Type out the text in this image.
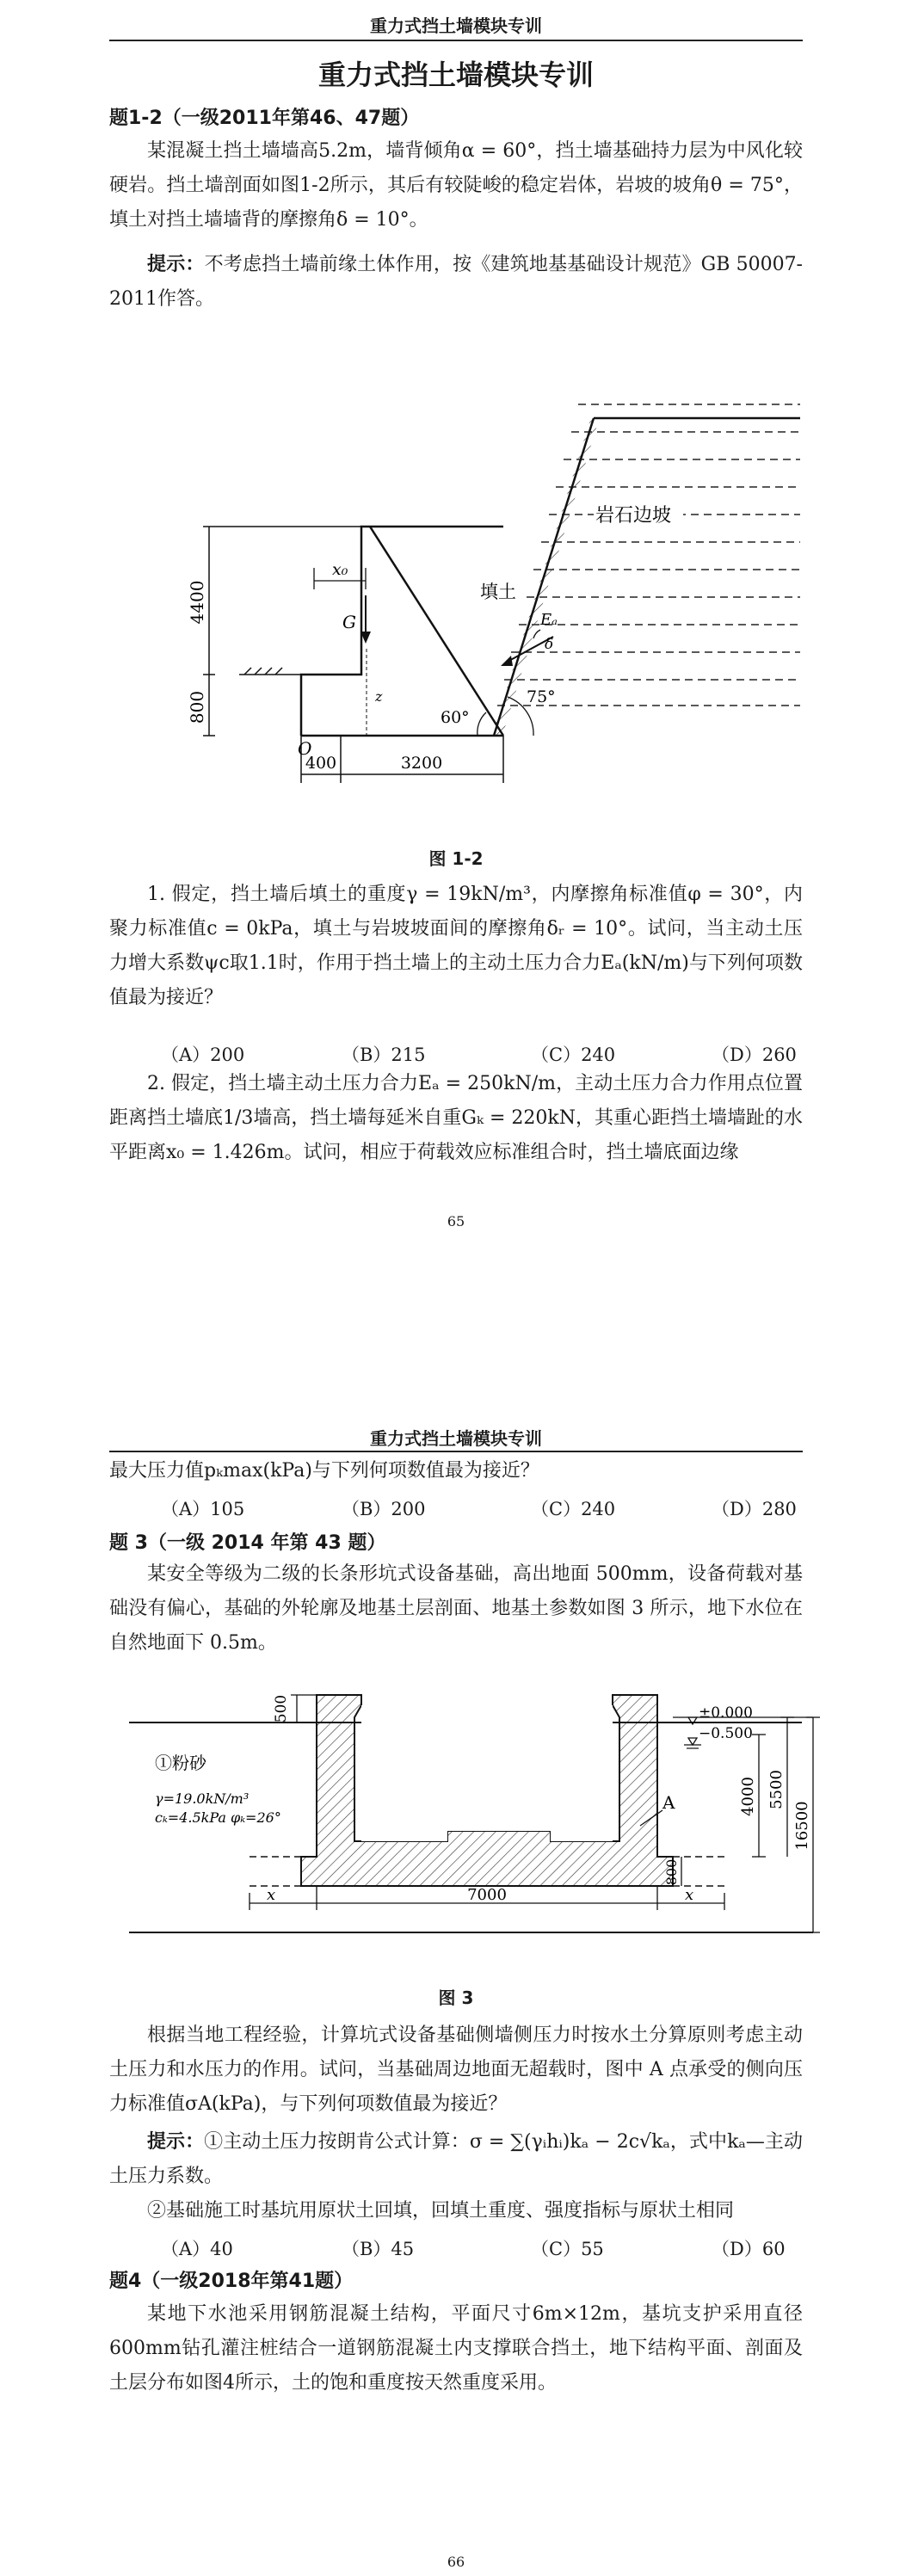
重力式挡土墙模块专训
重力式挡土墙模块专训
题1-2（一级2011年第46、47题）
某混凝土挡土墙墙高5.2m，墙背倾角α = 60°，挡土墙基础持力层为中风化较硬岩。挡土墙剖面如图1-2所示，其后有较陡峻的稳定岩体，岩坡的坡角θ = 75°，填土对挡土墙墙背的摩擦角δ = 10°。
提示：不考虑挡土墙前缘土体作用，按《建筑地基基础设计规范》GB 50007-2011作答。
4400
800
400	3200
x₀
G
z
O
填土
Eₐ
δ
60°
75°
岩石边坡
图 1-2
1. 假定，挡土墙后填土的重度γ = 19kN/m³，内摩擦角标准值φ = 30°，内聚力标准值c = 0kPa，填土与岩坡坡面间的摩擦角δᵣ = 10°。试问，当主动土压力增大系数ψc取1.1时，作用于挡土墙上的主动土压力合力Eₐ(kN/m)与下列何项数值最为接近？
（A）200	（B）215	（C）240	（D）260
2. 假定，挡土墙主动土压力合力Eₐ = 250kN/m，主动土压力合力作用点位置距离挡土墙底1/3墙高，挡土墙每延米自重Gₖ = 220kN，其重心距挡土墙墙趾的水平距离x₀ = 1.426m。试问，相应于荷载效应标准组合时，挡土墙底面边缘
65
重力式挡土墙模块专训
最大压力值pₖmax(kPa)与下列何项数值最为接近？
（A）105	（B）200	（C）240	（D）280
题 3（一级 2014 年第 43 题）
某安全等级为二级的长条形坑式设备基础，高出地面 500mm，设备荷载对基础没有偏心，基础的外轮廓及地基土层剖面、地基土参数如图 3 所示，地下水位在自然地面下 0.5m。
500	±0.000
−0.500
4000 5500
16500
800
A
x	7000	x
①粉砂
γ=19.0kN/m³
cₖ=4.5kPa φₖ=26°
图 3
根据当地工程经验，计算坑式设备基础侧墙侧压力时按水土分算原则考虑主动土压力和水压力的作用。试问，当基础周边地面无超载时，图中 A 点承受的侧向压力标准值σA(kPa)，与下列何项数值最为接近？
提示：①主动土压力按朗肯公式计算：σ = ∑(γᵢhᵢ)kₐ − 2c√kₐ，式中kₐ—主动土压力系数。
②基础施工时基坑用原状土回填，回填土重度、强度指标与原状土相同
（A）40	（B）45	（C）55	（D）60
题4（一级2018年第41题）
某地下水池采用钢筋混凝土结构，平面尺寸6m×12m，基坑支护采用直径600mm钻孔灌注桩结合一道钢筋混凝土内支撑联合挡土，地下结构平面、剖面及土层分布如图4所示，土的饱和重度按天然重度采用。
66
